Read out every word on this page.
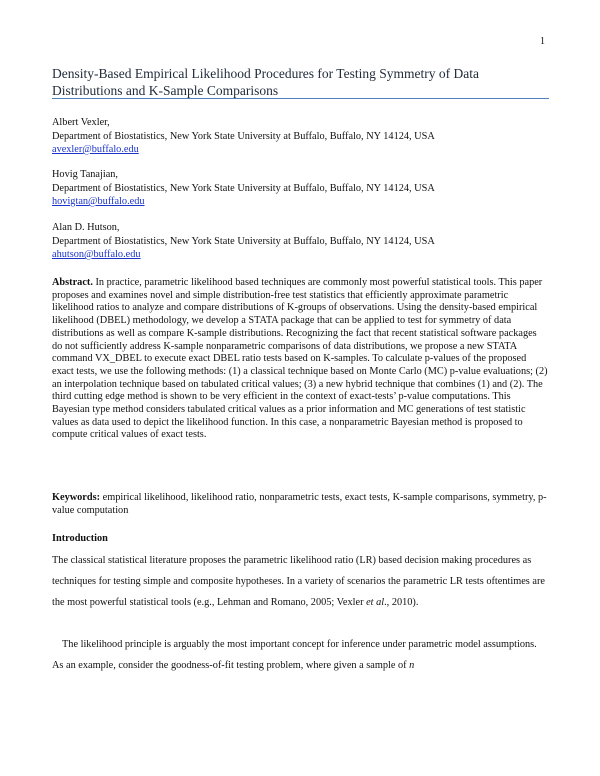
1
Density-Based Empirical Likelihood Procedures for Testing Symmetry of Data Distributions and K-Sample Comparisons
Albert Vexler,
Department of Biostatistics, New York State University at Buffalo, Buffalo, NY 14124, USA
avexler@buffalo.edu
Hovig Tanajian,
Department of Biostatistics, New York State University at Buffalo, Buffalo, NY 14124, USA
hovigtan@buffalo.edu
Alan D. Hutson,
Department of Biostatistics, New York State University at Buffalo, Buffalo, NY 14124, USA
ahutson@buffalo.edu

Abstract. In practice, parametric likelihood based techniques are commonly most powerful statistical tools. This paper proposes and examines novel and simple distribution-free test statistics that efficiently approximate parametric likelihood ratios to analyze and compare distributions of K-groups of observations. Using the density-based empirical likelihood (DBEL) methodology, we develop a STATA package that can be applied to test for symmetry of data distributions as well as compare K-sample distributions. Recognizing the fact that recent statistical software packages do not sufficiently address K-sample nonparametric comparisons of data distributions, we propose a new STATA command VX_DBEL to execute exact DBEL ratio tests based on K-samples. To calculate p-values of the proposed exact tests, we use the following methods: (1) a classical technique based on Monte Carlo (MC) p-value evaluations; (2) an interpolation technique based on tabulated critical values; (3) a new hybrid technique that combines (1) and (2). The third cutting edge method is shown to be very efficient in the context of exact-tests’ p-value computations. This Bayesian type method considers tabulated critical values as a prior information and MC generations of test statistic values as data used to depict the likelihood function. In this case, a nonparametric Bayesian method is proposed to compute critical values of exact tests.

Keywords: empirical likelihood, likelihood ratio, nonparametric tests, exact tests, K-sample comparisons, symmetry, p-value computation

Introduction

The classical statistical literature proposes the parametric likelihood ratio (LR) based decision making procedures as techniques for testing simple and composite hypotheses. In a variety of scenarios the parametric LR tests oftentimes are the most powerful statistical tools (e.g., Lehman and Romano, 2005; Vexler et al., 2010).

The likelihood principle is arguably the most important concept for inference under parametric model assumptions. As an example, consider the goodness-of-fit testing problem, where given a sample of n
